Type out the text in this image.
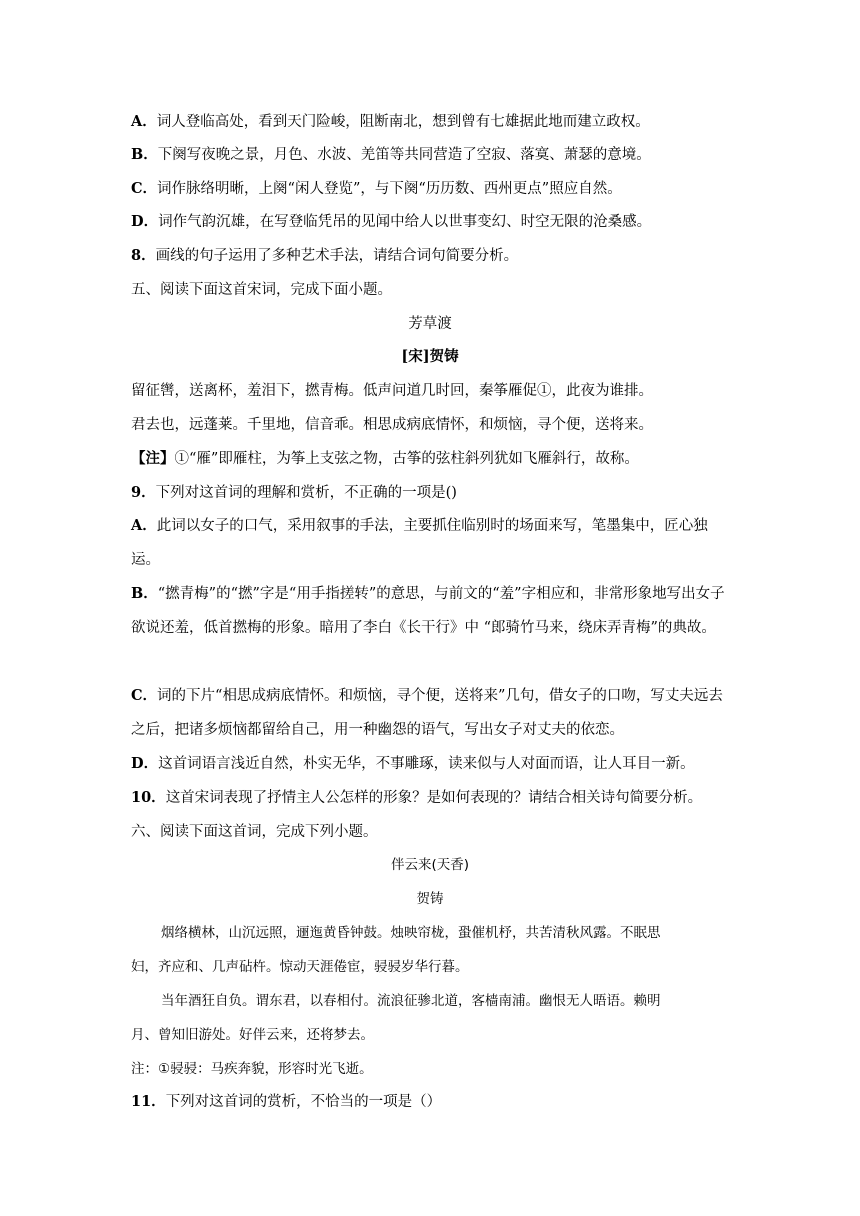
A．词人登临高处，看到天门险峻，阻断南北，想到曾有七雄据此地而建立政权。
B．下阕写夜晚之景，月色、水波、羌笛等共同营造了空寂、落寞、萧瑟的意境。
C．词作脉络明晰，上阕“闲人登览”，与下阕“历历数、西州更点”照应自然。
D．词作气韵沉雄，在写登临凭吊的见闻中给人以世事变幻、时空无限的沧桑感。
8．画线的句子运用了多种艺术手法，请结合词句简要分析。
五、阅读下面这首宋词，完成下面小题。
芳草渡
[宋]贺铸
留征辔，送离杯，羞泪下，撚青梅。低声问道几时回，秦筝雁促①，此夜为谁排。
君去也，远蓬莱。千里地，信音乖。相思成病底情怀，和烦恼，寻个便，送将来。
【注】①“雁”即雁柱，为筝上支弦之物，古筝的弦柱斜列犹如飞雁斜行，故称。
9．下列对这首词的理解和赏析，不正确的一项是()
A．此词以女子的口气，采用叙事的手法，主要抓住临别时的场面来写，笔墨集中，匠心独运。
B．“撚青梅”的“撚”字是“用手指搓转”的意思，与前文的“羞”字相应和，非常形象地写出女子欲说还羞，低首撚梅的形象。暗用了李白《长干行》中 “郎骑竹马来，绕床弄青梅”的典故。
C．词的下片“相思成病底情怀。和烦恼，寻个便，送将来”几句，借女子的口吻，写丈夫远去之后，把诸多烦恼都留给自己，用一种幽怨的语气，写出女子对丈夫的依恋。
D．这首词语言浅近自然，朴实无华，不事雕琢，读来似与人对面而语，让人耳目一新。
10．这首宋词表现了抒情主人公怎样的形象？是如何表现的？请结合相关诗句简要分析。
六、阅读下面这首词，完成下列小题。
伴云来(天香)
贺铸
烟络横林，山沉远照，逦迤黄昏钟鼓。烛映帘栊，蛩催机杼，共苦清秋风露。不眠思
妇，齐应和、几声砧杵。惊动天涯倦宦，骎骎岁华行暮。
当年酒狂自负。谓东君，以春相付。流浪征骖北道，客樯南浦。幽恨无人晤语。赖明
月、曾知旧游处。好伴云来，还将梦去。
注：①骎骎：马疾奔貌，形容时光飞逝。
11．下列对这首词的赏析，不恰当的一项是（）
